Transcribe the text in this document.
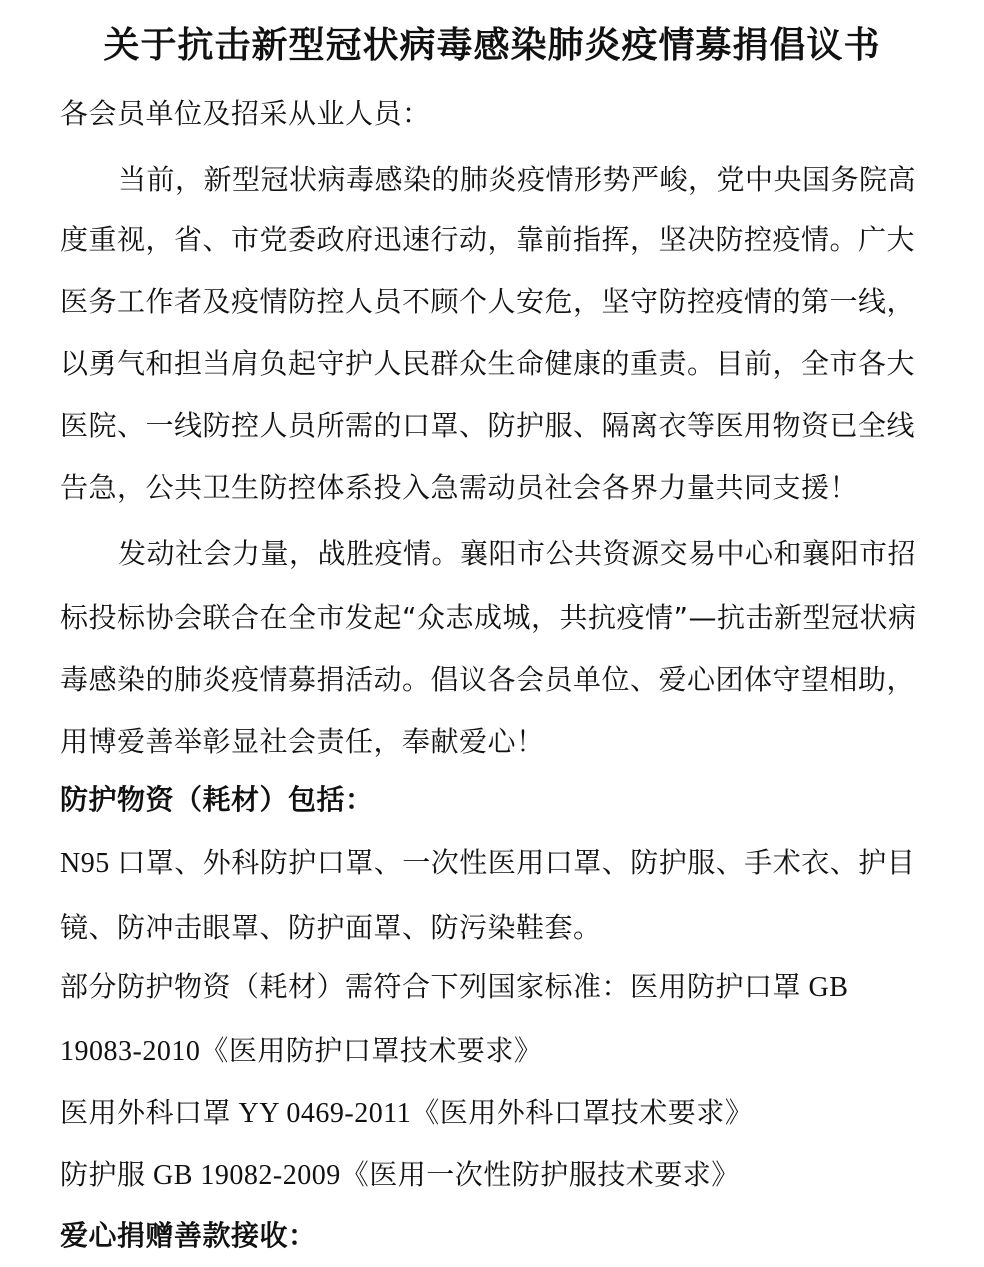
关于抗击新型冠状病毒感染肺炎疫情募捐倡议书
各会员单位及招采从业人员：
当前，新型冠状病毒感染的肺炎疫情形势严峻，党中央国务院高
度重视，省、市党委政府迅速行动，靠前指挥，坚决防控疫情。广大
医务工作者及疫情防控人员不顾个人安危，坚守防控疫情的第一线，
以勇气和担当肩负起守护人民群众生命健康的重责。目前，全市各大
医院、一线防控人员所需的口罩、防护服、隔离衣等医用物资已全线
告急，公共卫生防控体系投入急需动员社会各界力量共同支援！
发动社会力量，战胜疫情。襄阳市公共资源交易中心和襄阳市招
标投标协会联合在全市发起“众志成城，共抗疫情”—抗击新型冠状病
毒感染的肺炎疫情募捐活动。倡议各会员单位、爱心团体守望相助，
用博爱善举彰显社会责任，奉献爱心！
防护物资（耗材）包括：
N95 口罩、外科防护口罩、一次性医用口罩、防护服、手术衣、护目
镜、防冲击眼罩、防护面罩、防污染鞋套。
部分防护物资（耗材）需符合下列国家标准：医用防护口罩 GB
19083-2010《医用防护口罩技术要求》
医用外科口罩 YY 0469-2011《医用外科口罩技术要求》
防护服 GB 19082-2009《医用一次性防护服技术要求》
爱心捐赠善款接收：
